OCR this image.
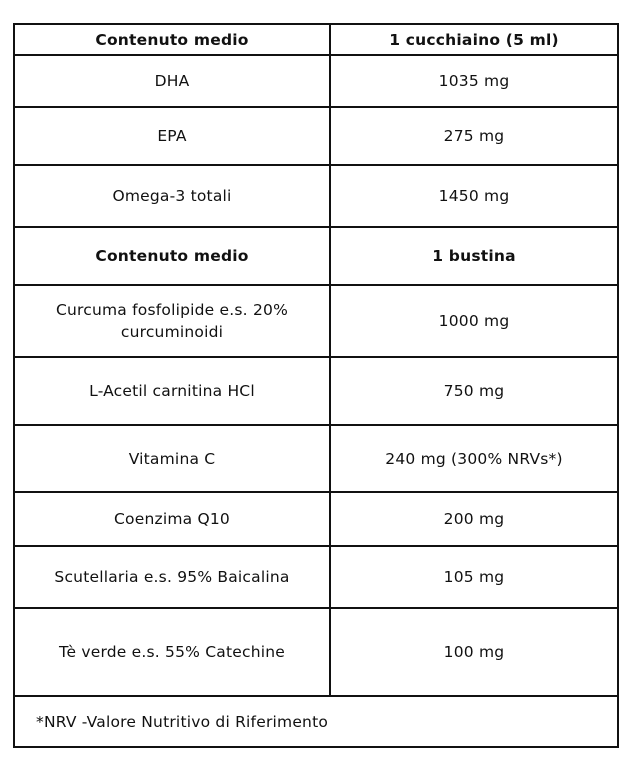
Contenuto medio	1 cucchiaino (5 ml)
DHA	1035 mg
EPA	275 mg
Omega-3 totali	1450 mg
Contenuto medio	1 bustina
Curcuma fosfolipide e.s. 20%
curcuminoidi	1000 mg
L-Acetil carnitina HCl	750 mg
Vitamina C	240 mg (300% NRVs*)
Coenzima Q10	200 mg
Scutellaria e.s. 95% Baicalina	105 mg
Tè verde e.s. 55% Catechine	100 mg
*NRV -Valore Nutritivo di Riferimento	
